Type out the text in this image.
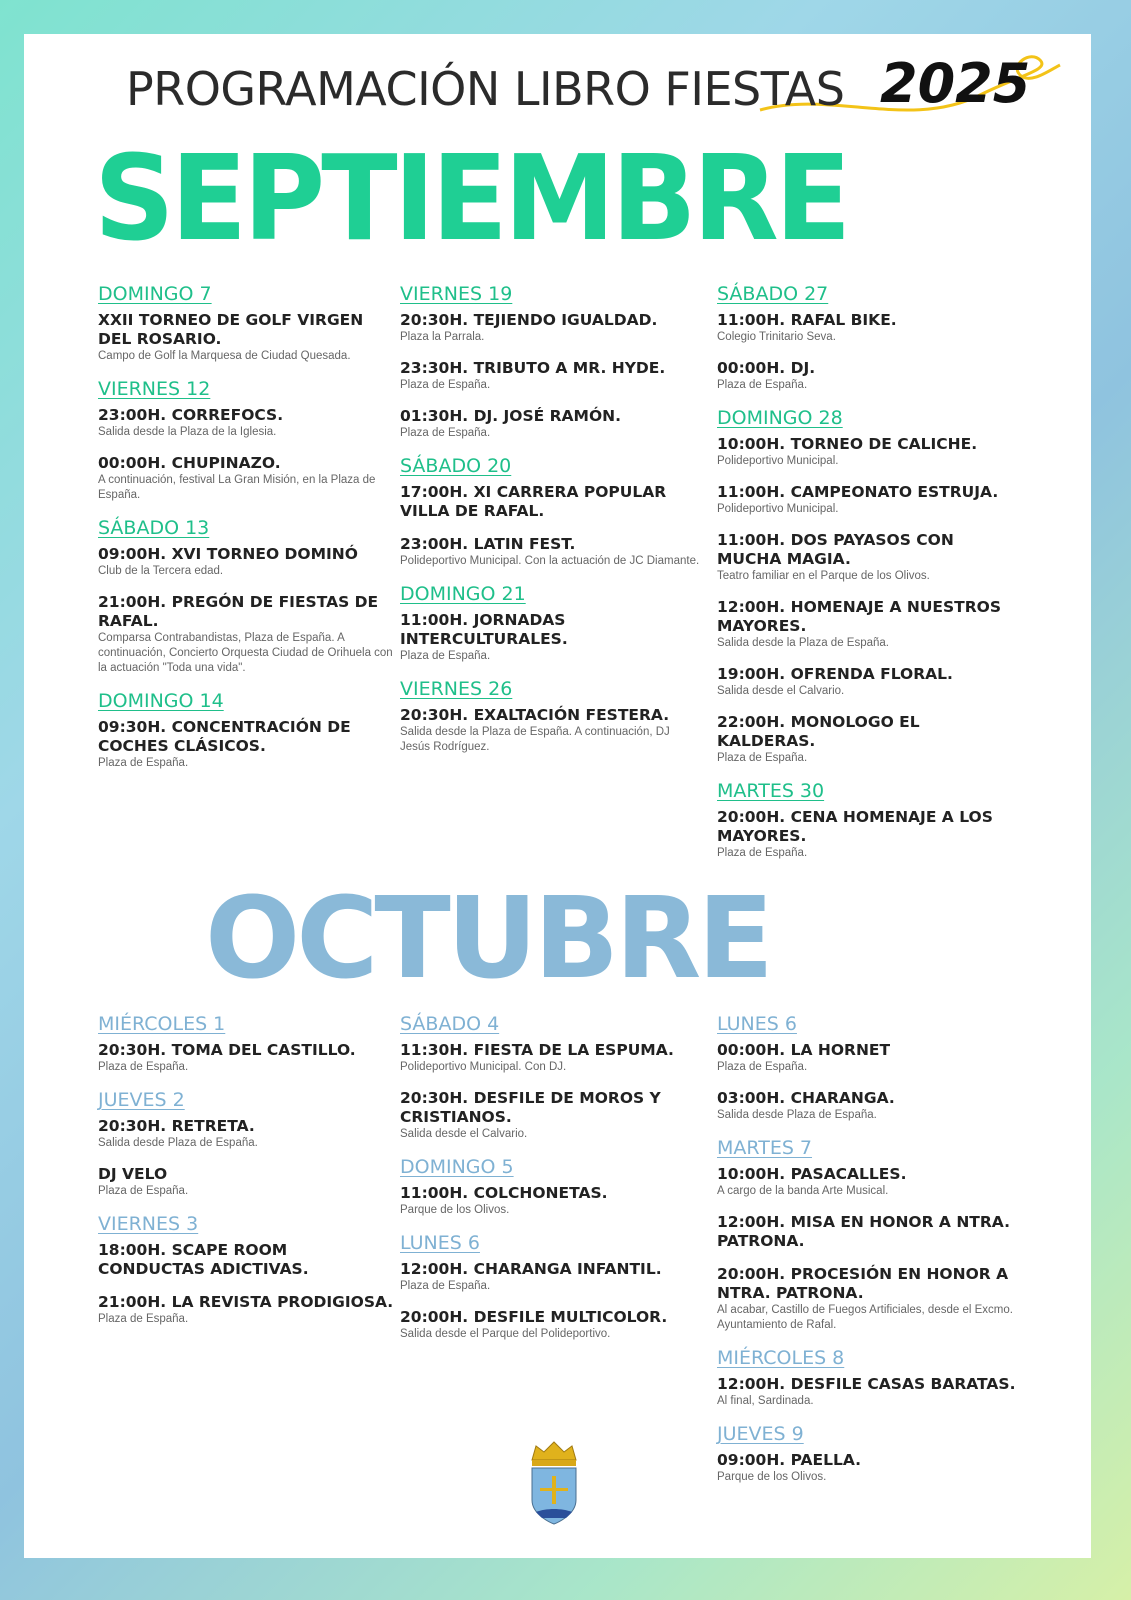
PROGRAMACIÓN LIBRO FIESTAS 2025
SEPTIEMBRE
OCTUBRE
DOMINGO 7
XXII TORNEO DE GOLF VIRGEN DEL ROSARIO.
Campo de Golf la Marquesa de Ciudad Quesada.
VIERNES 12
23:00H. CORREFOCS.
Salida desde la Plaza de la Iglesia.
00:00H. CHUPINAZO.
A continuación, festival La Gran Misión, en la Plaza de España.
SÁBADO 13
09:00H. XVI TORNEO DOMINÓ
Club de la Tercera edad.
21:00H. PREGÓN DE FIESTAS DE RAFAL.
Comparsa Contrabandistas, Plaza de España. A continuación, Concierto Orquesta Ciudad de Orihuela con la actuación "Toda una vida".
DOMINGO 14
09:30H. CONCENTRACIÓN DE COCHES CLÁSICOS.
Plaza de España.
VIERNES 19
20:30H. TEJIENDO IGUALDAD.
Plaza la Parrala.
23:30H. TRIBUTO A MR. HYDE.
Plaza de España.
01:30H. DJ. JOSÉ RAMÓN.
Plaza de España.
SÁBADO 20
17:00H. XI CARRERA POPULAR VILLA DE RAFAL.
23:00H. LATIN FEST.
Polideportivo Municipal. Con la actuación de JC Diamante.
DOMINGO 21
11:00H. JORNADAS INTERCULTURALES.
Plaza de España.
VIERNES 26
20:30H. EXALTACIÓN FESTERA.
Salida desde la Plaza de España. A continuación, DJ Jesús Rodríguez.
SÁBADO 27
11:00H. RAFAL BIKE.
Colegio Trinitario Seva.
00:00H. DJ.
Plaza de España.
DOMINGO 28
10:00H. TORNEO DE CALICHE.
Polideportivo Municipal.
11:00H. CAMPEONATO ESTRUJA.
Polideportivo Municipal.
11:00H. DOS PAYASOS CON MUCHA MAGIA.
Teatro familiar en el Parque de los Olivos.
12:00H. HOMENAJE A NUESTROS MAYORES.
Salida desde la Plaza de España.
19:00H. OFRENDA FLORAL.
Salida desde el Calvario.
22:00H. MONOLOGO EL KALDERAS.
Plaza de España.
MARTES 30
20:00H. CENA HOMENAJE A LOS MAYORES.
Plaza de España.
MIÉRCOLES 1
20:30H. TOMA DEL CASTILLO.
Plaza de España.
JUEVES 2
20:30H. RETRETA.
Salida desde Plaza de España.
DJ VELO
Plaza de España.
VIERNES 3
18:00H. SCAPE ROOM CONDUCTAS ADICTIVAS.
21:00H. LA REVISTA PRODIGIOSA.
Plaza de España.
SÁBADO 4
11:30H. FIESTA DE LA ESPUMA.
Polideportivo Municipal. Con DJ.
20:30H. DESFILE DE MOROS Y CRISTIANOS.
Salida desde el Calvario.
DOMINGO 5
11:00H. COLCHONETAS.
Parque de los Olivos.
LUNES 6
12:00H. CHARANGA INFANTIL.
Plaza de España.
20:00H. DESFILE MULTICOLOR.
Salida desde el Parque del Polideportivo.
LUNES 6
00:00H. LA HORNET
Plaza de España.
03:00H. CHARANGA.
Salida desde Plaza de España.
MARTES 7
10:00H. PASACALLES.
A cargo de la banda Arte Musical.
12:00H. MISA EN HONOR A NTRA. PATRONA.
20:00H. PROCESIÓN EN HONOR A NTRA. PATRONA.
Al acabar, Castillo de Fuegos Artificiales, desde el Excmo. Ayuntamiento de Rafal.
MIÉRCOLES 8
12:00H. DESFILE CASAS BARATAS.
Al final, Sardinada.
JUEVES 9
09:00H. PAELLA.
Parque de los Olivos.
